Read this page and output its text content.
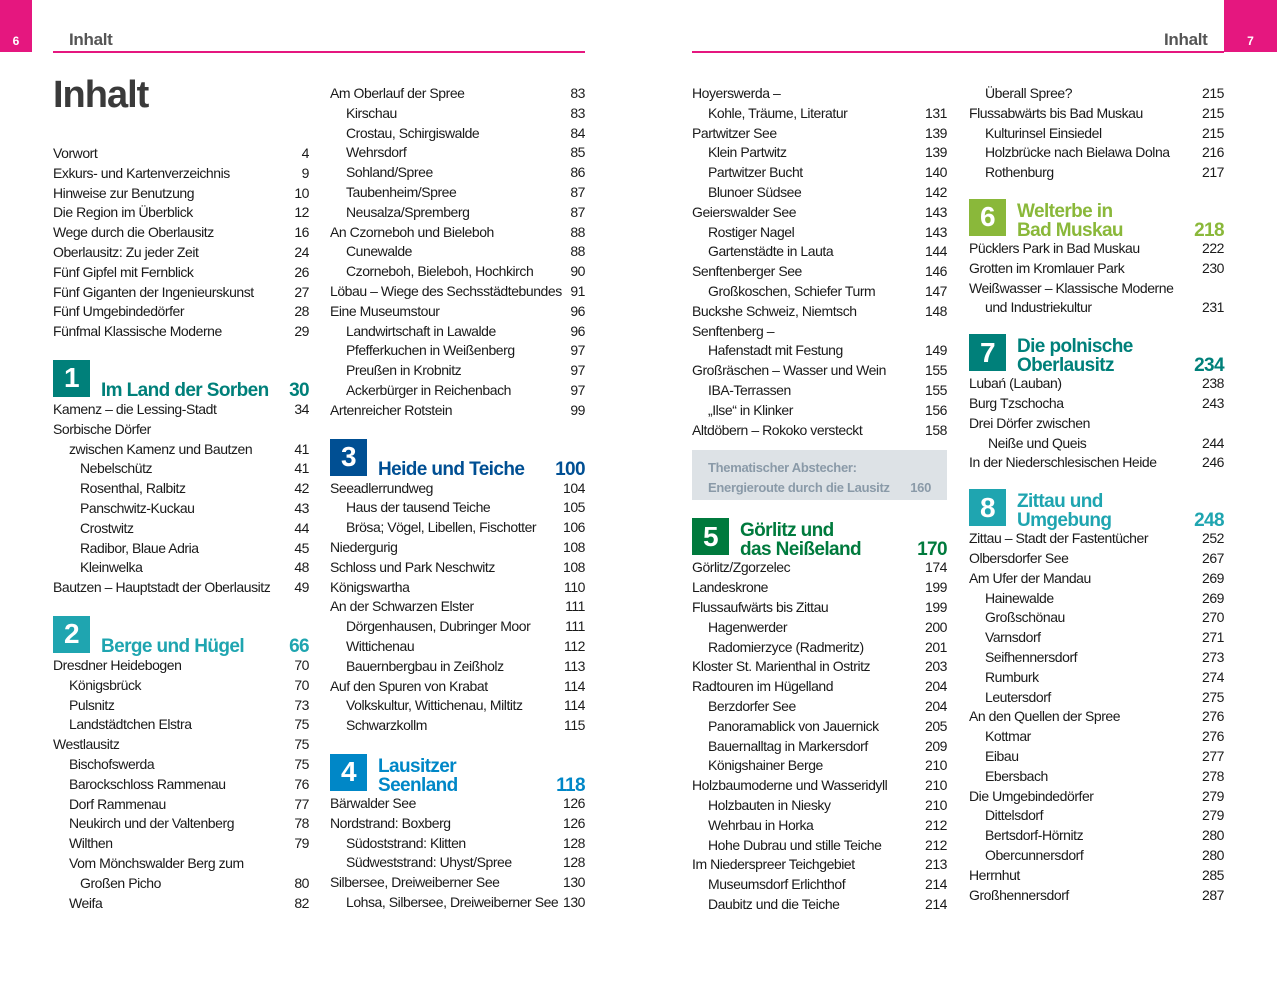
6	Inhalt	7
Inhalt
Inhalt
Vorwort	4
Exkurs- und Kartenverzeichnis	9
Hinweise zur Benutzung	10
Die Region im Überblick	12
Wege durch die Oberlausitz	16
Oberlausitz: Zu jeder Zeit	24
Fünf Gipfel mit Fernblick	26
Fünf Giganten der Ingenieurskunst	27
Fünf Umgebindedörfer	28
Fünfmal Klassische Moderne	29
1	Im Land der Sorben 30
Kamenz – die Lessing-Stadt	34
Sorbische Dörfer
zwischen Kamenz und Bautzen	41
Nebelschütz	41
Rosenthal, Ralbitz	42
Panschwitz-Kuckau	43
Crostwitz	44
Radibor, Blaue Adria	45
Kleinwelka	48
Bautzen – Hauptstadt der Oberlausitz 49
2	Berge und Hügel 66
Dresdner Heidebogen	70
Königsbrück	70
Pulsnitz	73
Landstädtchen Elstra	75
Westlausitz	75
Bischofswerda	75
Barockschloss Rammenau	76
Dorf Rammenau	77
Neukirch und der Valtenberg	78
Wilthen	79
Vom Mönchswalder Berg zum
Großen Picho	80
Weifa	82
Am Oberlauf der Spree	83
Kirschau	83
Crostau, Schirgiswalde	84
Wehrsdorf	85
Sohland/Spree	86
Taubenheim/Spree	87
Neusalza/Spremberg	87
An Czorneboh und Bieleboh	88
Cunewalde	88
Czorneboh, Bieleboh, Hochkirch	90
Löbau – Wiege des Sechsstädtebundes 91
Eine Museumstour	96
Landwirtschaft in Lawalde	96
Pfefferkuchen in Weißenberg	97
Preußen in Krobnitz	97
Ackerbürger in Reichenbach	97
Artenreicher Rotstein	99
3	Heide und Teiche 100
Seeadlerrundweg	104
Haus der tausend Teiche	105
Brösa; Vögel, Libellen, Fischotter 106
Niedergurig	108
Schloss und Park Neschwitz	108
Königswartha	110
An der Schwarzen Elster	111
Dörgenhausen, Dubringer Moor 111
Wittichenau	112
Bauernbergbau in Zeißholz	113
Auf den Spuren von Krabat	114
Volkskultur, Wittichenau, Miltitz	114
Schwarzkollm	115
4	Lausitzer
Seenland	118
Bärwalder See	126
Nordstrand: Boxberg	126
Südoststrand: Klitten	128
Südweststrand: Uhyst/Spree	128
Silbersee, Dreiweiberner See	130
Lohsa, Silbersee, Dreiweiberner See 130
Hoyerswerda –
Kohle, Träume, Literatur	131
Partwitzer See	139
Klein Partwitz	139
Partwitzer Bucht	140
Blunoer Südsee	142
Geierswalder See	143
Rostiger Nagel	143
Gartenstädte in Lauta	144
Senftenberger See	146
Großkoschen, Schiefer Turm	147
Buckshe Schweiz, Niemtsch	148
Senftenberg –
Hafenstadt mit Festung	149
Großräschen – Wasser und Wein	155
IBA-Terrassen	155
„Ilse“ in Klinker	156
Altdöbern – Rokoko versteckt	158
Thematischer Abstecher:
Energieroute durch die Lausitz	160
5	Görlitz und
das Neißeland	170
Görlitz/Zgorzelec	174
Landeskrone	199
Flussaufwärts bis Zittau	199
Hagenwerder	200
Radomierzyce (Radmeritz)	201
Kloster St. Marienthal in Ostritz	203
Radtouren im Hügelland	204
Berzdorfer See	204
Panoramablick von Jauernick	205
Bauernalltag in Markersdorf	209
Königshainer Berge	210
Holzbaumoderne und Wasseridyll	210
Holzbauten in Niesky	210
Wehrbau in Horka	212
Hohe Dubrau und stille Teiche	212
Im Niederspreer Teichgebiet	213
Museumsdorf Erlichthof	214
Daubitz und die Teiche	214
Überall Spree?	215
Flussabwärts bis Bad Muskau	215
Kulturinsel Einsiedel	215
Holzbrücke nach Bielawa Dolna 216
Rothenburg	217
6	Welterbe in
Bad Muskau	218
Pücklers Park in Bad Muskau	222
Grotten im Kromlauer Park	230
Weißwasser – Klassische Moderne
und Industriekultur	231
7	Die polnische
Oberlausitz	234
Lubań (Lauban)	238
Burg Tzschocha	243
Drei Dörfer zwischen
Neiße und Queis	244
In der Niederschlesischen Heide	246
8	Zittau und
Umgebung	248
Zittau – Stadt der Fastentücher	252
Olbersdorfer See	267
Am Ufer der Mandau	269
Hainewalde	269
Großschönau	270
Varnsdorf	271
Seifhennersdorf	273
Rumburk	274
Leutersdorf	275
An den Quellen der Spree	276
Kottmar	276
Eibau	277
Ebersbach	278
Die Umgebindedörfer	279
Dittelsdorf	279
Bertsdorf-Hörnitz	280
Obercunnersdorf	280
Herrnhut	285
Großhennersdorf	287
